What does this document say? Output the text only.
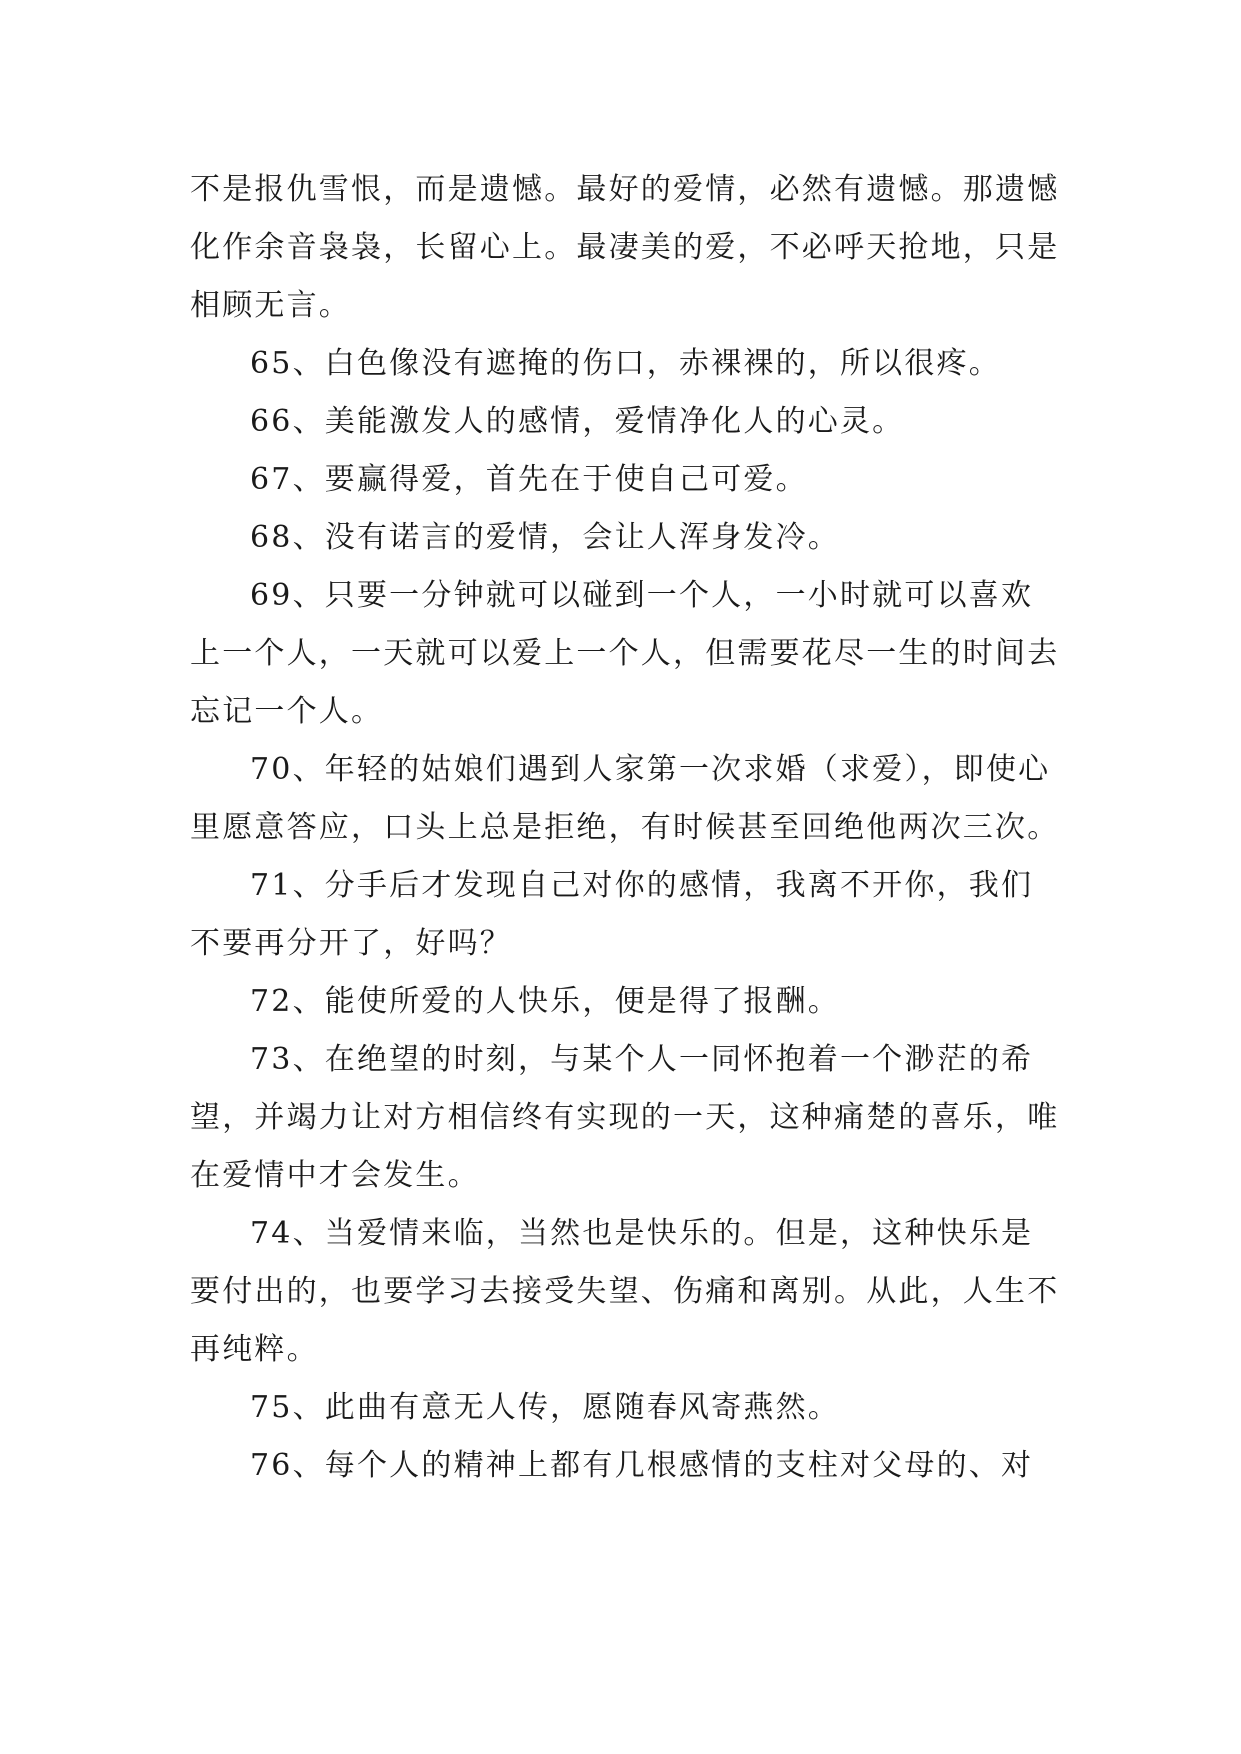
不是报仇雪恨，而是遗憾。最好的爱情，必然有遗憾。那遗憾化作余音袅袅，长留心上。最凄美的爱，不必呼天抢地，只是相顾无言。

65、白色像没有遮掩的伤口，赤裸裸的，所以很疼。

66、美能激发人的感情，爱情净化人的心灵。

67、要赢得爱，首先在于使自己可爱。

68、没有诺言的爱情，会让人浑身发冷。

69、只要一分钟就可以碰到一个人，一小时就可以喜欢上一个人，一天就可以爱上一个人，但需要花尽一生的时间去忘记一个人。

70、年轻的姑娘们遇到人家第一次求婚（求爱），即使心里愿意答应，口头上总是拒绝，有时候甚至回绝他两次三次。

71、分手后才发现自己对你的感情，我离不开你，我们不要再分开了，好吗？

72、能使所爱的人快乐，便是得了报酬。

73、在绝望的时刻，与某个人一同怀抱着一个渺茫的希望，并竭力让对方相信终有实现的一天，这种痛楚的喜乐，唯在爱情中才会发生。

74、当爱情来临，当然也是快乐的。但是，这种快乐是要付出的，也要学习去接受失望、伤痛和离别。从此，人生不再纯粹。

75、此曲有意无人传，愿随春风寄燕然。

76、每个人的精神上都有几根感情的支柱对父母的、对
